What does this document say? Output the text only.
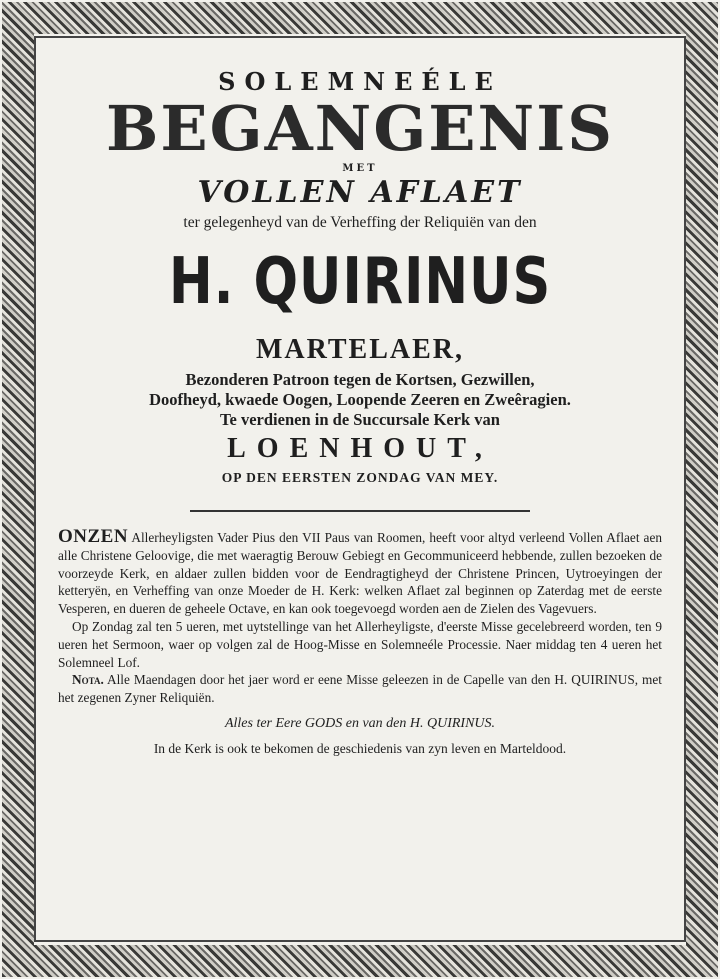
SOLEMNEÉLE
BEGANGENIS
MET
VOLLEN AFLAET
ter gelegenheyd van de Verheffing der Reliquiën van den
H. QUIRINUS
MARTELAER,
Bezonderen Patroon tegen de Kortsen, Gezwillen,
Doofheyd, kwaede Oogen, Loopende Zeeren en Zweêragien.
Te verdienen in de Succursale Kerk van
LOENHOUT,
OP DEN EERSTEN ZONDAG VAN MEY.

ONZEN Allerheyligsten Vader Pius den VII Paus van Roomen, heeft voor altyd verleend Vollen Aflaet aen alle Christene Geloovige, die met waeragtig Berouw Gebiegt en Gecommuniceerd hebbende, zullen bezoeken de voorzeyde Kerk, en aldaer zullen bidden voor de Eendragtigheyd der Christene Princen, Uytroeyingen der ketteryën, en Verheffing van onze Moeder de H. Kerk: welken Aflaet zal beginnen op Zaterdag met de eerste Vesperen, en dueren de geheele Octave, en kan ook toegevoegd worden aen de Zielen des Vagevuers.

Op Zondag zal ten 5 ueren, met uytstellinge van het Allerheyligste, d'eerste Misse gecelebreerd worden, ten 9 ueren het Sermoon, waer op volgen zal de Hoog-Misse en Solemneéle Processie. Naer middag ten 4 ueren het Solemneel Lof.

Nota. Alle Maendagen door het jaer word er eene Misse geleezen in de Capelle van den H. QUIRINUS, met het zegenen Zyner Reliquiën.

Alles ter Eere GODS en van den H. QUIRINUS.
In de Kerk is ook te bekomen de geschiedenis van zyn leven en Marteldood.
